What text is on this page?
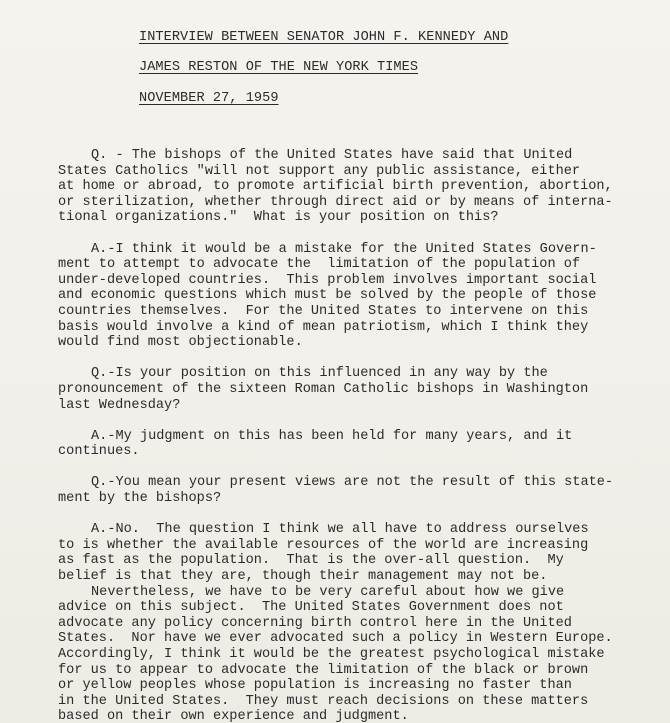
INTERVIEW BETWEEN SENATOR JOHN F. KENNEDY AND
JAMES RESTON OF THE NEW YORK TIMES
NOVEMBER 27, 1959
Q. - The bishops of the United States have said that United
States Catholics "will not support any public assistance, either
at home or abroad, to promote artificial birth prevention, abortion,
or sterilization, whether through direct aid or by means of interna-
tional organizations."  What is your position on this?
A.-I think it would be a mistake for the United States Govern-
ment to attempt to advocate the  limitation of the population of
under-developed countries.  This problem involves important social
and economic questions which must be solved by the people of those
countries themselves.  For the United States to intervene on this
basis would involve a kind of mean patriotism, which I think they
would find most objectionable.
Q.-Is your position on this influenced in any way by the
pronouncement of the sixteen Roman Catholic bishops in Washington
last Wednesday?
A.-My judgment on this has been held for many years, and it
continues.
Q.-You mean your present views are not the result of this state-
ment by the bishops?
A.-No.  The question I think we all have to address ourselves
to is whether the available resources of the world are increasing
as fast as the population.  That is the over-all question.  My
belief is that they are, though their management may not be.
Nevertheless, we have to be very careful about how we give
advice on this subject.  The United States Government does not
advocate any policy concerning birth control here in the United
States.  Nor have we ever advocated such a policy in Western Europe.
Accordingly, I think it would be the greatest psychological mistake
for us to appear to advocate the limitation of the black or brown
or yellow peoples whose population is increasing no faster than
in the United States.  They must reach decisions on these matters
based on their own experience and judgment.
